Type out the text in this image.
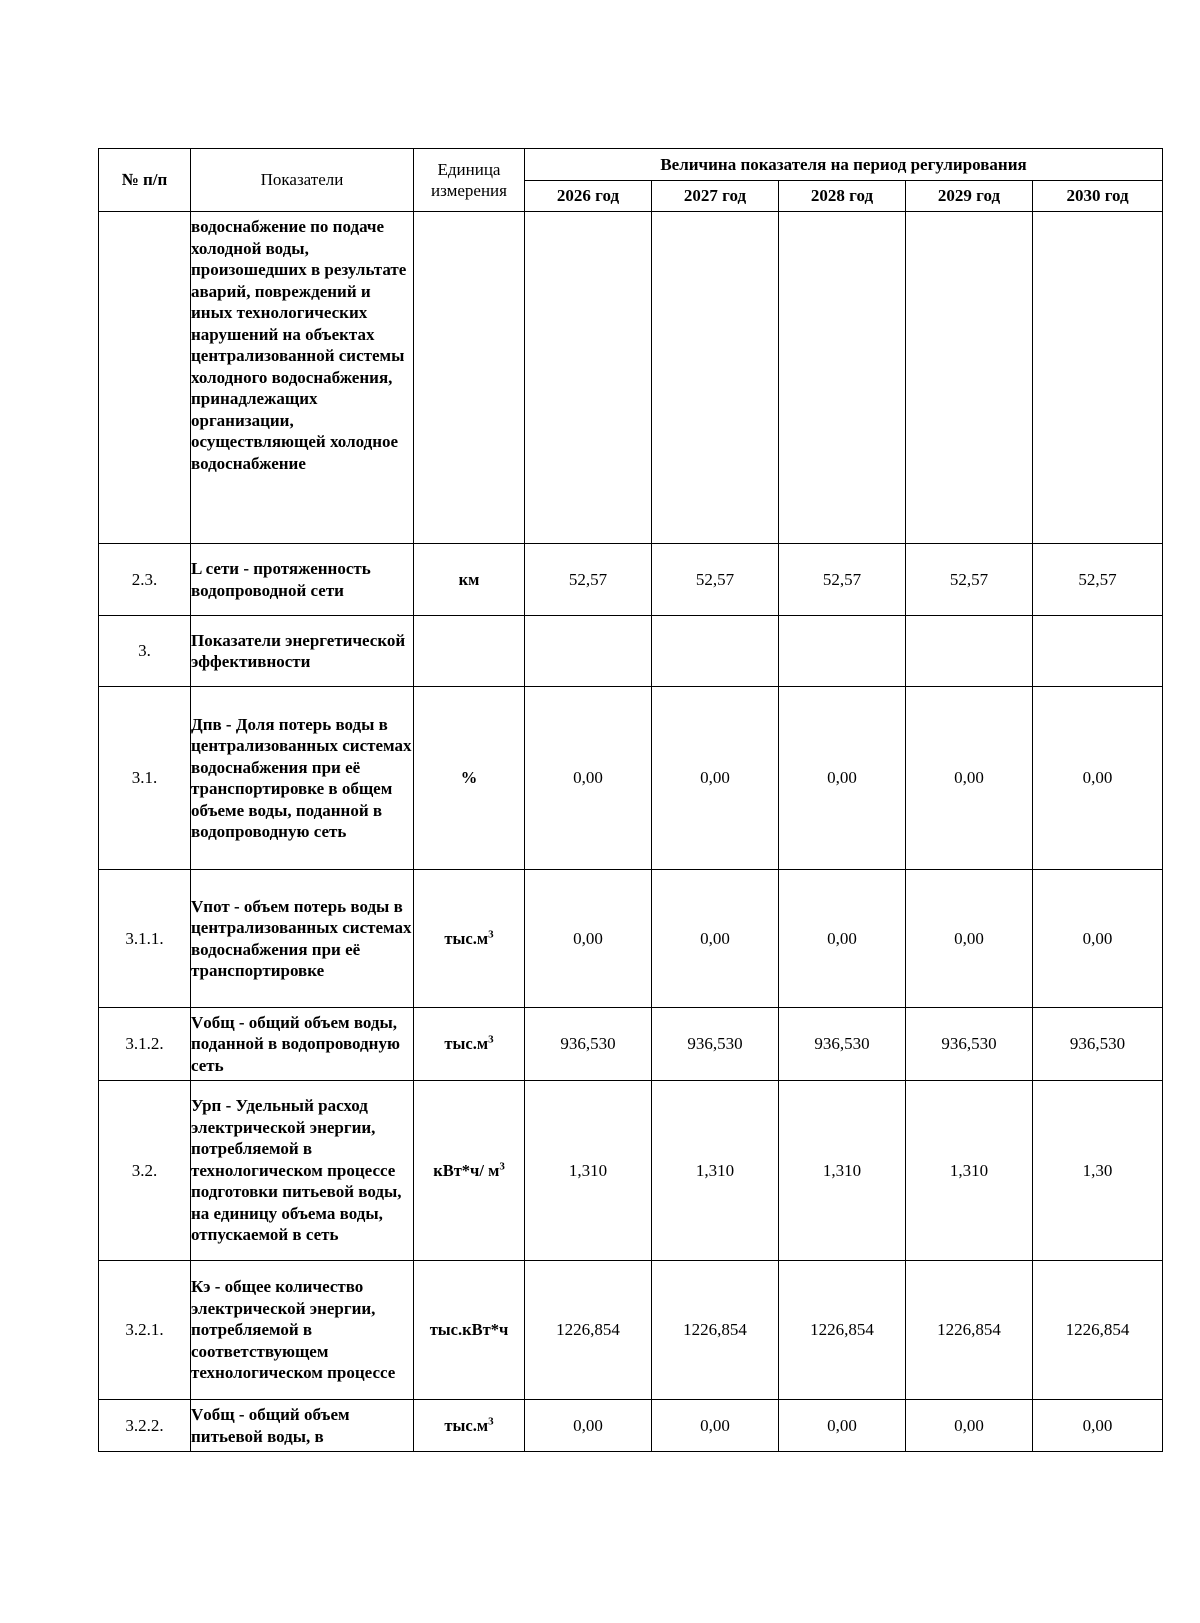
№ п/п	Показатели	Единица измерения	Величина показателя на период регулирования				
			2026 год	2027 год	2028 год	2029 год	2030 год
	водоснабжение по подаче холодной воды, произошедших в результате аварий, повреждений и иных технологических нарушений на объектах централизованной системы холодного водоснабжения, принадлежащих организации, осуществляющей холодное водоснабжение						
2.3.	L сети - протяженность водопроводной сети	км	52,57	52,57	52,57	52,57	52,57
3.	Показатели энергетической эффективности						
3.1.	Дпв - Доля потерь воды в централизованных системах водоснабжения при её транспортировке в общем объеме воды, поданной в водопроводную сеть	%	0,00	0,00	0,00	0,00	0,00
3.1.1.	Vпот - объем потерь воды в централизованных системах водоснабжения при её транспортировке	$тыс.м^3$	0,00	0,00	0,00	0,00	0,00
3.1.2.	Vобщ - общий объем воды, поданной в водопроводную сеть	$тыс.м^3$	936,530	936,530	936,530	936,530	936,530
3.2.	Урп - Удельный расход электрической энергии, потребляемой в технологическом процессе подготовки питьевой воды, на единицу объема воды, отпускаемой в сеть	кВт*ч/ $м^3$	1,310	1,310	1,310	1,310	1,30
3.2.1.	Кэ - общее количество электрической энергии, потребляемой в соответствующем технологическом процессе	тыс.кВт*ч	1226,854	1226,854	1226,854	1226,854	1226,854
3.2.2.	Vобщ - общий объем питьевой воды, в	$тыс.м^3$	0,00	0,00	0,00	0,00	0,00
